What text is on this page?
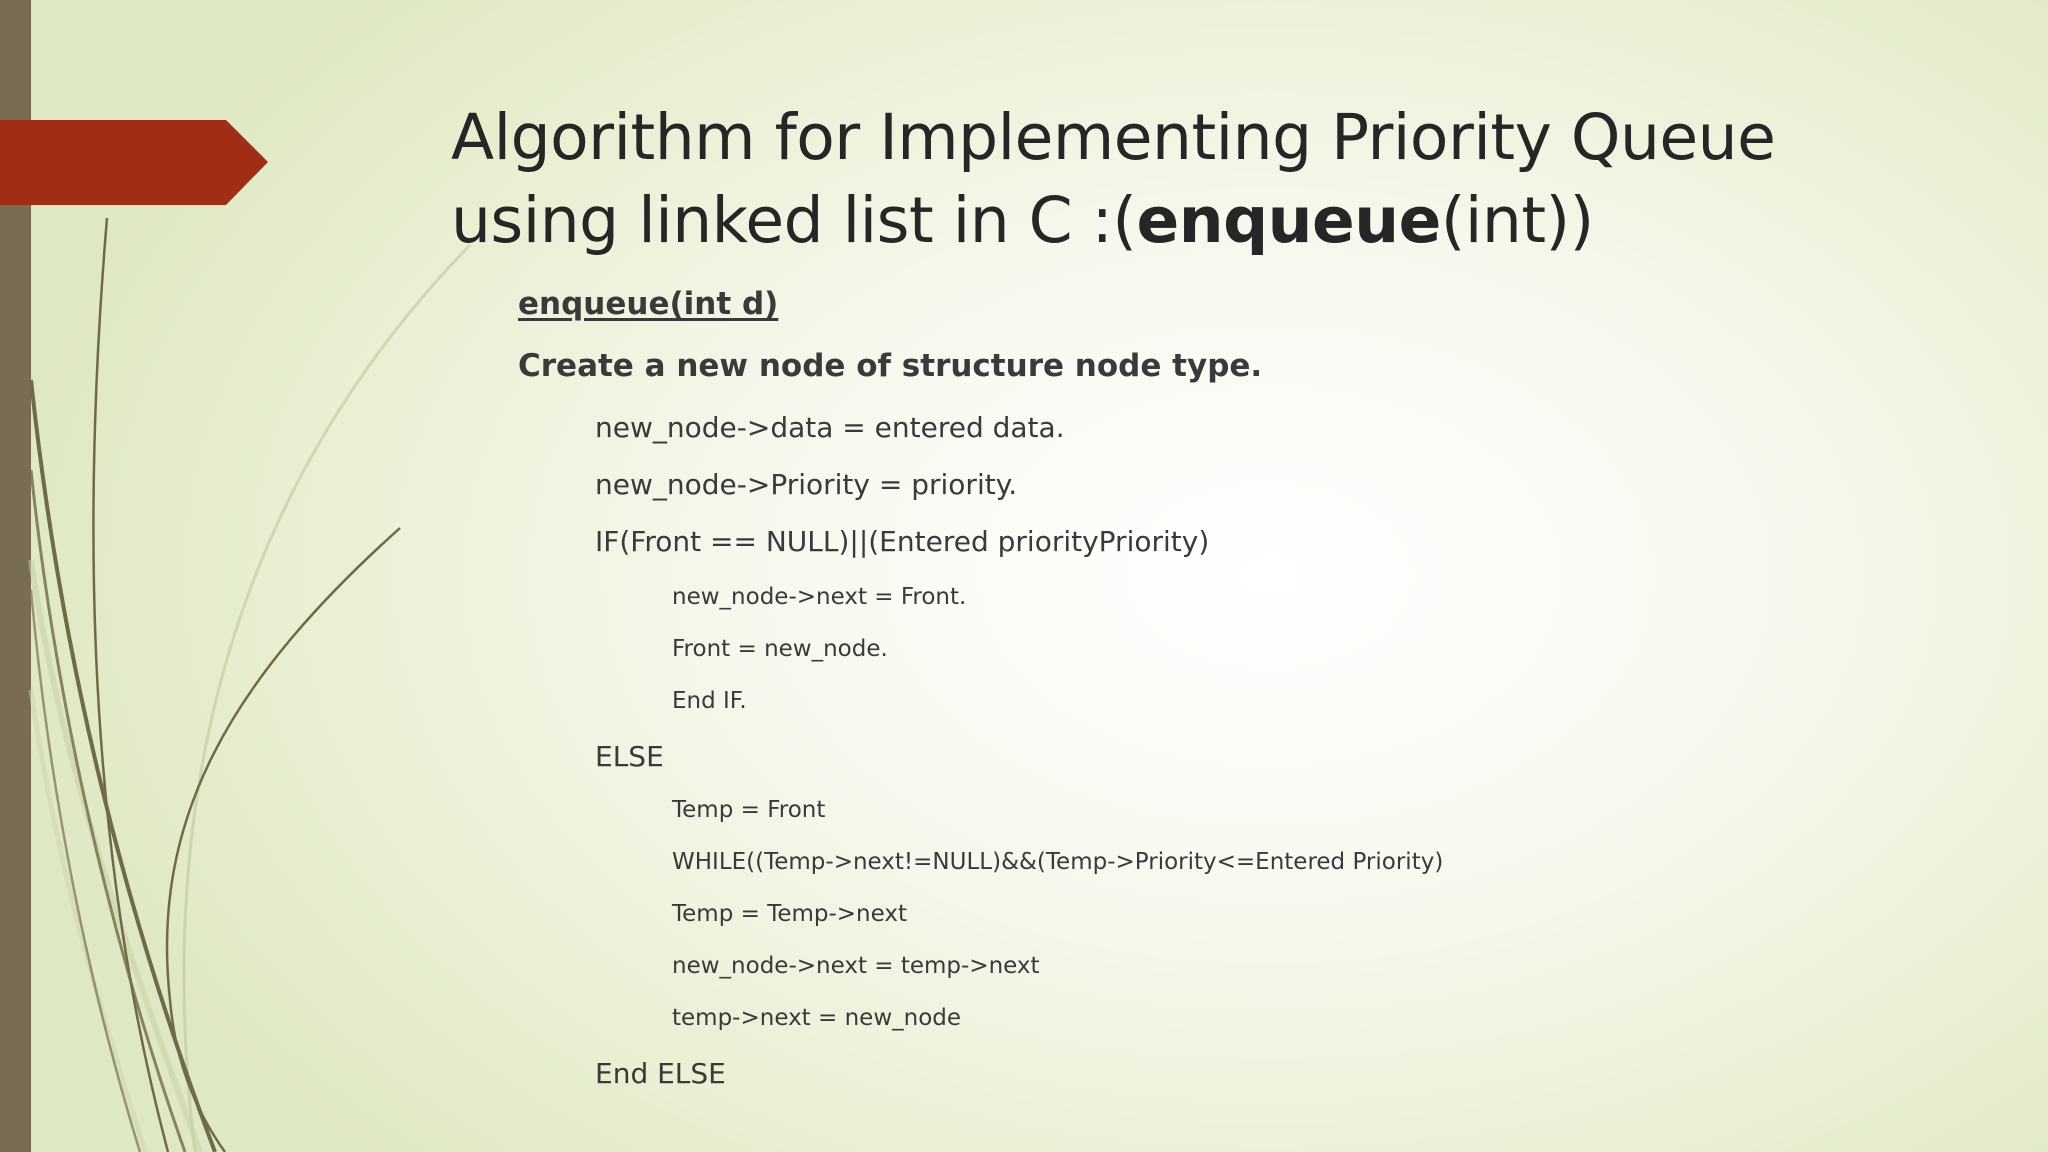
Algorithm for Implementing Priority Queue
using linked list in C :(enqueue(int))
enqueue(int d)
Create a new node of structure node type.
new_node->data = entered data.
new_node->Priority = priority.
IF(Front == NULL)||(Entered priorityPriority)
new_node->next = Front.
Front = new_node.
End IF.
ELSE
Temp = Front
WHILE((Temp->next!=NULL)&&(Temp->Priority<=Entered Priority)
Temp = Temp->next
new_node->next = temp->next
temp->next = new_node
End ELSE
